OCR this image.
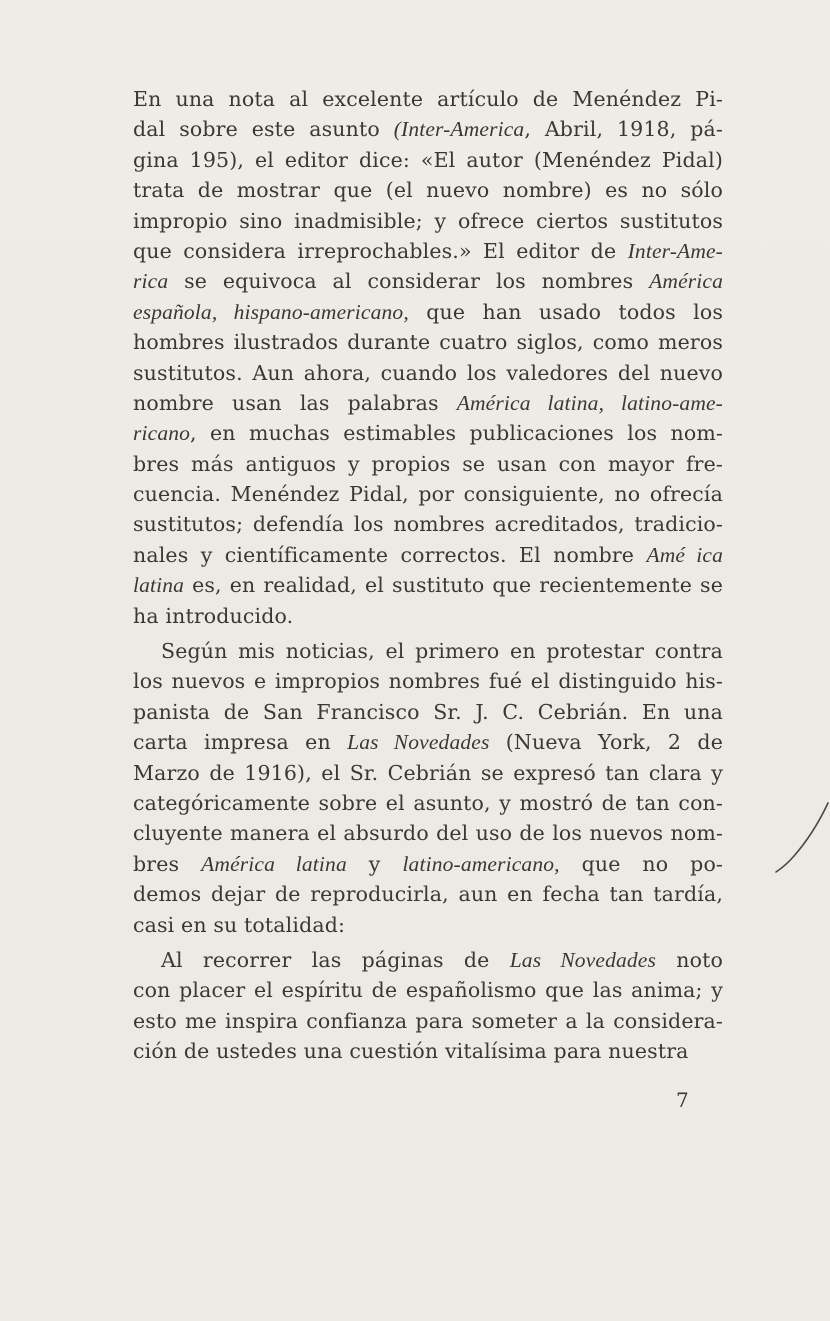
En una nota al excelente artículo de Menéndez Pi-
dal sobre este asunto (Inter-America, Abril, 1918, pá-
gina 195), el editor dice: «El autor (Menéndez Pidal)
trata de mostrar que (el nuevo nombre) es no sólo
impropio sino inadmisible; y ofrece ciertos sustitutos
que considera irreprochables.» El editor de Inter-Ame-
rica se equivoca al considerar los nombres América
española, hispano-americano, que han usado todos los
hombres ilustrados durante cuatro siglos, como meros
sustitutos. Aun ahora, cuando los valedores del nuevo
nombre usan las palabras América latina, latino-ame-
ricano, en muchas estimables publicaciones los nom-
bres más antiguos y propios se usan con mayor fre-
cuencia. Menéndez Pidal, por consiguiente, no ofrecía
sustitutos; defendía los nombres acreditados, tradicio-
nales y científicamente correctos. El nombre Amé ica
latina es, en realidad, el sustituto que recientemente se
ha introducido.
Según mis noticias, el primero en protestar contra
los nuevos e impropios nombres fué el distinguido his-
panista de San Francisco Sr. J. C. Cebrián. En una
carta impresa en Las Novedades (Nueva York, 2 de
Marzo de 1916), el Sr. Cebrián se expresó tan clara y
categóricamente sobre el asunto, y mostró de tan con-
cluyente manera el absurdo del uso de los nuevos nom-
bres América latina y latino-americano, que no po-
demos dejar de reproducirla, aun en fecha tan tardía,
casi en su totalidad:
Al recorrer las páginas de Las Novedades noto
con placer el espíritu de españolismo que las anima; y
esto me inspira confianza para someter a la considera-
ción de ustedes una cuestión vitalísima para nuestra
7
